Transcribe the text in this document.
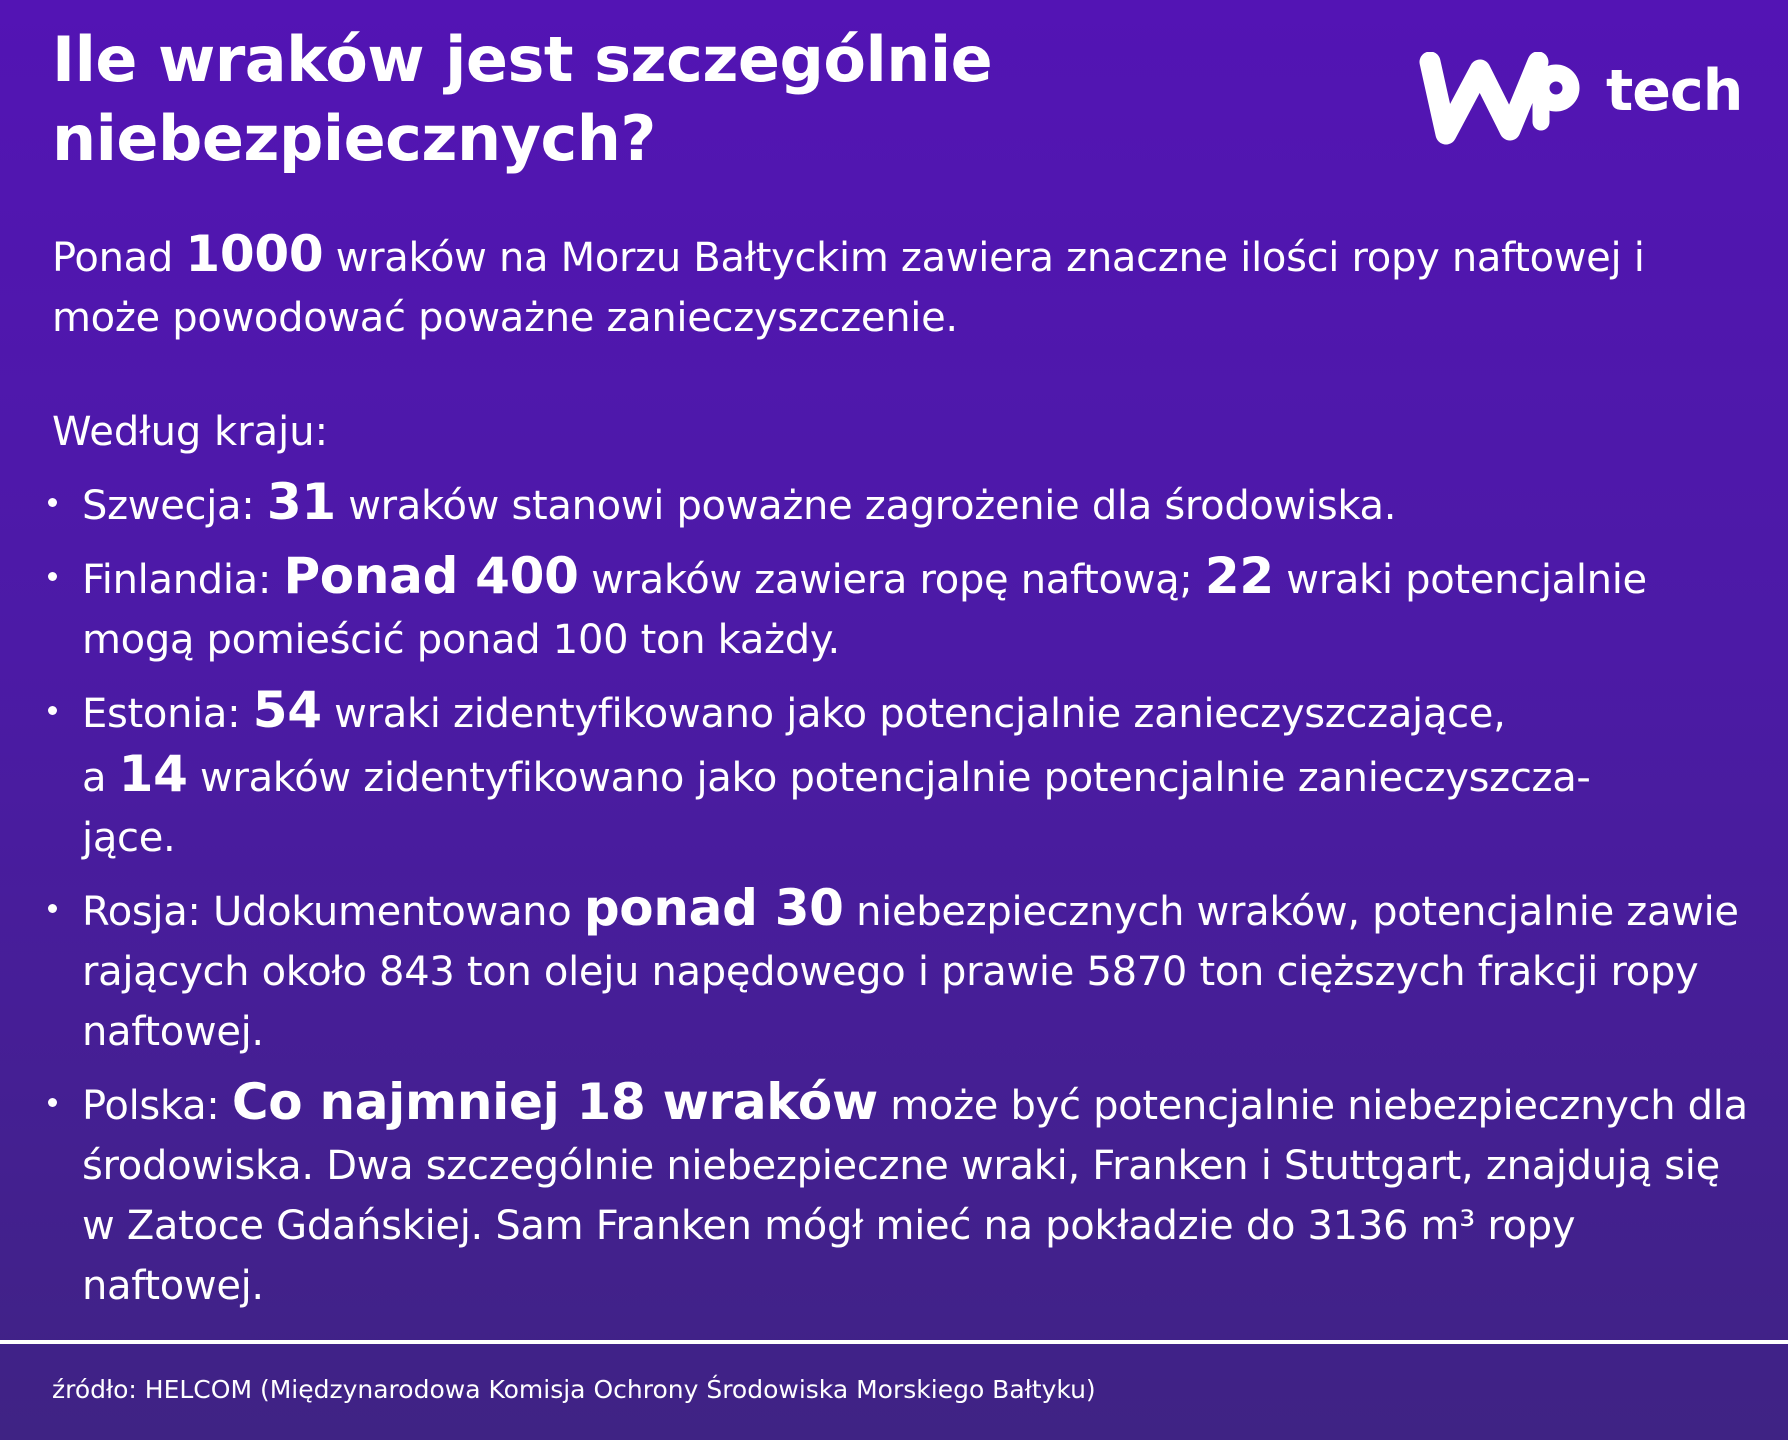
Ile wraków jest szczególnie
niebezpiecznych?
tech

Ponad 1000 wraków na Morzu Bałtyckim zawiera znaczne ilości ropy naftowej i może powodować poważne zanieczyszczenie.

Według kraju:

Szwecja: 31 wraków stanowi poważne zagrożenie dla środowiska.
Finlandia: Ponad 400 wraków zawiera ropę naftową; 22 wraki potencjalnie mogą pomieścić ponad 100 ton każdy.
Estonia: 54 wraki zidentyfikowano jako potencjalnie zanieczyszczające,
a 14 wraków zidentyfikowano jako potencjalnie potencjalnie zanieczyszcza-
jące.
Rosja: Udokumentowano ponad 30 niebezpiecznych wraków, potencjalnie zawie rających około 843 ton oleju napędowego i prawie 5870 ton cięższych frakcji ropy naftowej.
Polska: Co najmniej 18 wraków może być potencjalnie niebezpiecznych dla środowiska. Dwa szczególnie niebezpieczne wraki, Franken i Stuttgart, znajdują się w Zatoce Gdańskiej. Sam Franken mógł mieć na pokładzie do 3136 m³ ropy naftowej.

źródło: HELCOM (Międzynarodowa Komisja Ochrony Środowiska Morskiego Bałtyku)
